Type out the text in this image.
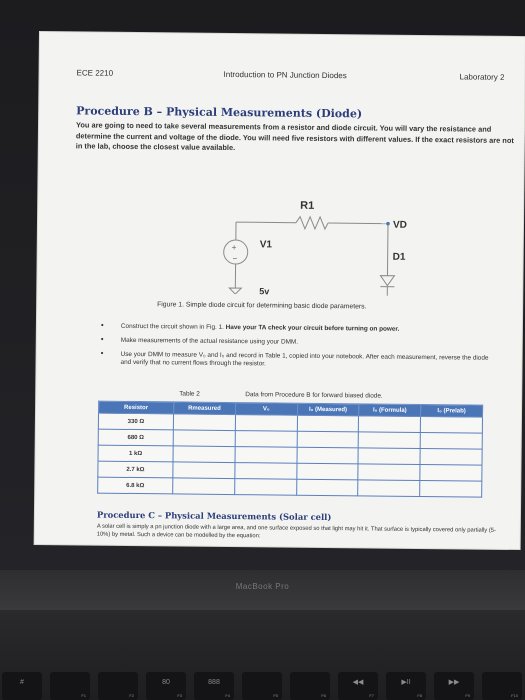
ECE 2210	Introduction to PN Junction Diodes	Laboratory 2
Procedure B – Physical Measurements (Diode)
You are going to need to take several measurements from a resistor and diode circuit. You will vary the resistance and determine the current and voltage of the diode. You will need five resistors with different values. If the exact resistors are not in the lab, choose the closest value available.
R1
VD
V1
D1
5v
+
−
Figure 1. Simple diode circuit for determining basic diode parameters.
• Construct the circuit shown in Fig. 1. Have your TA check your circuit before turning on power.
• Make measurements of the actual resistance using your DMM.
• Use your DMM to measure V₀ and I₀ and record in Table 1, copied into your notebook. After each measurement, reverse the diode and verify that no current flows through the resistor.
Table 2	Data from Procedure B for forward biased diode.
Resistor	Rmeasured	V₀	I₀ (Measured)	I₀ (Formula)	I₀ (Prelab)
330 Ω					
680 Ω					
1 kΩ					
2.7 kΩ					
6.8 kΩ					
Procedure C – Physical Measurements (Solar cell)
A solar cell is simply a pn junction diode with a large area, and one surface exposed so that light may hit it. That surface is typically covered only partially (5-10%) by metal. Such a device can be modelled by the equation:
MacBook Pro
#
F1	F2
80
F3
888
F4	F5	F6
◀◀
F7
▶II
F8
▶▶
F9	F10
